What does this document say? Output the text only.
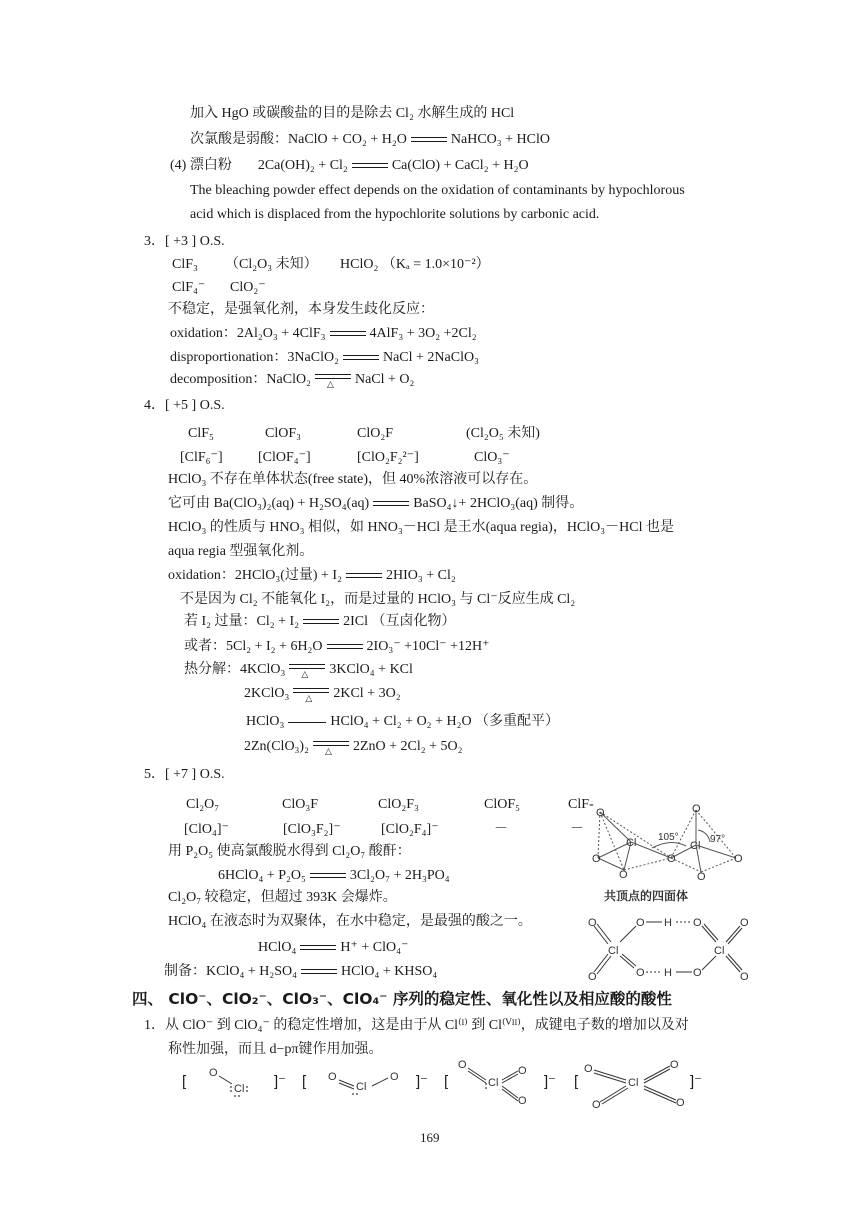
加入 HgO 或碳酸盐的目的是除去 Cl₂ 水解生成的 HCl
次氯酸是弱酸：NaClO + CO₂ + H₂O	NaHCO₃ + HClO
(4) 漂白粉 2Ca(OH)₂ + Cl₂	Ca(ClO) + CaCl₂ + H₂O
The bleaching powder effect depends on the oxidation of contaminants by hypochlorous
acid which is displaced from the hypochlorite solutions by carbonic acid.
3．[ +3 ] O.S.
ClF₃ （Cl₂O₃ 未知） HClO₂ （Kₐ = 1.0×10⁻²）
ClF₄⁻ ClO₂⁻
不稳定，是强氧化剂，本身发生歧化反应：
oxidation：2Al₂O₃ + 4ClF₃	4AlF₃ + 3O₂ +2Cl₂
disproportionation：3NaClO₂	NaCl + 2NaClO₃
decomposition：NaClO₂ △ NaCl + O₂
4．[ +5 ] O.S.
ClF₅	ClOF₃	ClO₂F	(Cl₂O₅ 未知)
[ClF₆⁻]	[ClOF₄⁻]	[ClO₂F₂²⁻]	ClO₃⁻
HClO₃ 不存在单体状态(free state)，但 40%浓溶液可以存在。
它可由 Ba(ClO₃)₂(aq) + H₂SO₄(aq)	BaSO₄↓+ 2HClO₃(aq) 制得。
HClO₃ 的性质与 HNO₃ 相似，如 HNO₃－HCl 是王水(aqua regia)，HClO₃－HCl 也是
aqua regia 型强氧化剂。
oxidation：2HClO₃(过量) + I₂	2HIO₃ + Cl₂
不是因为 Cl₂ 不能氧化 I₂，而是过量的 HClO₃ 与 Cl⁻反应生成 Cl₂
若 I₂ 过量：Cl₂ + I₂	2ICl （互卤化物）
或者：5Cl₂ + I₂ + 6H₂O	2IO₃⁻ +10Cl⁻ +12H⁺
热分解：4KClO₃ △ 3KClO₄ + KCl
2KClO₃ △ 2KCl + 3O₂
HClO₃	HClO₄ + Cl₂ + O₂ + H₂O （多重配平）
2Zn(ClO₃)₂ △ 2ZnO + 2Cl₂ + 5O₂
5．[ +7 ] O.S.
Cl₂O₇	ClO₃F	ClO₂F₃	ClOF₅	ClF-
[ClO₄]⁻	[ClO₃F₂]⁻	[ClO₂F₄]⁻	－	－
用 P₂O₅ 使高氯酸脱水得到 Cl₂O₇ 酸酐：
6HClO₄ + P₂O₅	3Cl₂O₇ + 2H₃PO₄
Cl₂O₇ 较稳定，但超过 393K 会爆炸。
HClO₄ 在液态时为双聚体，在水中稳定，是最强的酸之一。
HClO₄	H⁺ + ClO₄⁻
制备：KClO₄ + H₂SO₄	HClO₄ + KHSO₄
四、 ClO⁻、ClO₂⁻、ClO₃⁻、ClO₄⁻ 序列的稳定性、氧化性以及相应酸的酸性
1．从 ClO⁻ 到 ClO₄⁻ 的稳定性增加，这是由于从 Cl⁽ᴵ⁾ 到 Cl⁽ⱽᴵᴵ⁾，成键电子数的增加以及对
称性加强，而且 d−pπ键作用加强。
O
O
O
Cl
O
Cl
O
O
O
105°	97°
共顶点的四面体
O
O
Cl
O
O
H
H
O
O
Cl
O
O
[	]⁻ [	]⁻ [	]⁻ [	]⁻
O
Cl
O
Cl
O
O
Cl
O
O
O
O
Cl
O
O
169
